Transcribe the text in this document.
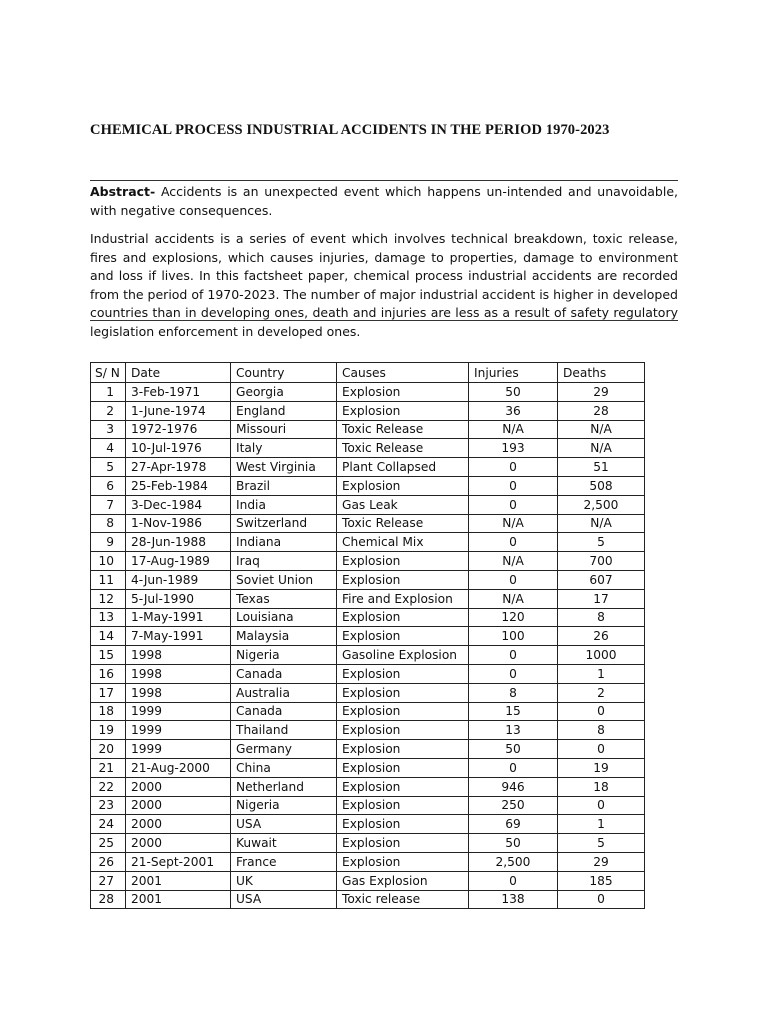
CHEMICAL PROCESS INDUSTRIAL ACCIDENTS IN THE PERIOD 1970-2023
Abstract- Accidents is an unexpected event which happens un-intended and unavoidable, with negative consequences.
Industrial accidents is a series of event which involves technical breakdown, toxic release, fires and explosions, which causes injuries, damage to properties, damage to environment and loss if lives. In this factsheet paper, chemical process industrial accidents are recorded from the period of 1970-2023. The number of major industrial accident is higher in developed countries than in developing ones, death and injuries are less as a result of safety regulatory legislation enforcement in developed ones.
S/ N	Date	Country	Causes	Injuries	Deaths
1	3-Feb-1971	Georgia	Explosion	50	29
2	1-June-1974	England	Explosion	36	28
3	1972-1976	Missouri	Toxic Release	N/A	N/A
4	10-Jul-1976	Italy	Toxic Release	193	N/A
5	27-Apr-1978	West Virginia	Plant Collapsed	0	51
6	25-Feb-1984	Brazil	Explosion	0	508
7	3-Dec-1984	India	Gas Leak	0	2,500
8	1-Nov-1986	Switzerland	Toxic Release	N/A	N/A
9	28-Jun-1988	Indiana	Chemical Mix	0	5
10	17-Aug-1989	Iraq	Explosion	N/A	700
11	4-Jun-1989	Soviet Union	Explosion	0	607
12	5-Jul-1990	Texas	Fire and Explosion	N/A	17
13	1-May-1991	Louisiana	Explosion	120	8
14	7-May-1991	Malaysia	Explosion	100	26
15	1998	Nigeria	Gasoline Explosion	0	1000
16	1998	Canada	Explosion	0	1
17	1998	Australia	Explosion	8	2
18	1999	Canada	Explosion	15	0
19	1999	Thailand	Explosion	13	8
20	1999	Germany	Explosion	50	0
21	21-Aug-2000	China	Explosion	0	19
22	2000	Netherland	Explosion	946	18
23	2000	Nigeria	Explosion	250	0
24	2000	USA	Explosion	69	1
25	2000	Kuwait	Explosion	50	5
26	21-Sept-2001	France	Explosion	2,500	29
27	2001	UK	Gas Explosion	0	185
28	2001	USA	Toxic release	138	0
